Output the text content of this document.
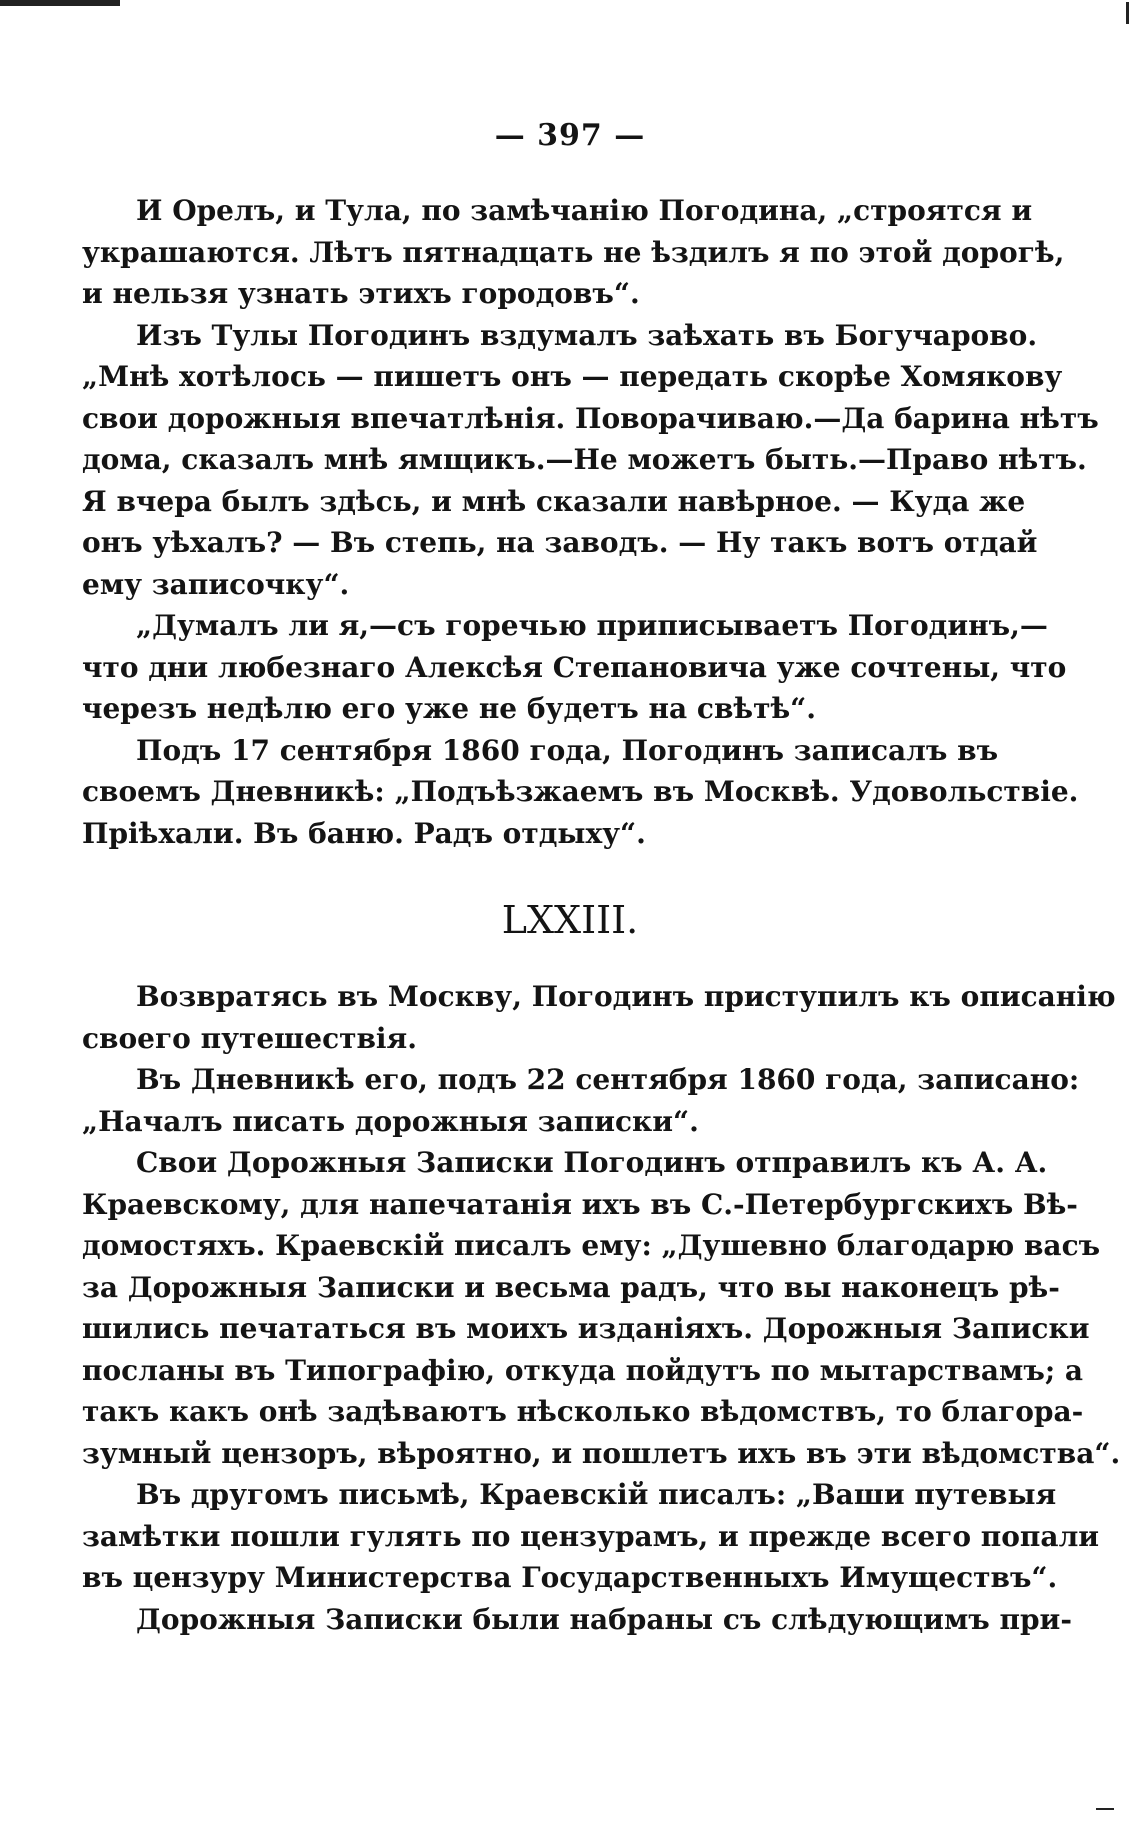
— 397 —
И Орелъ, и Тула, по замѣчанію Погодина, „строятся и
украшаются. Лѣтъ пятнадцать не ѣздилъ я по этой дорогѣ,
и нельзя узнать этихъ городовъ“.
Изъ Тулы Погодинъ вздумалъ заѣхать въ Богучарово.
„Мнѣ хотѣлось — пишетъ онъ — передать скорѣе Хомякову
свои дорожныя впечатлѣнія. Поворачиваю.—Да барина нѣтъ
дома, сказалъ мнѣ ямщикъ.—Не можетъ быть.—Право нѣтъ.
Я вчера былъ здѣсь, и мнѣ сказали навѣрное. — Куда же
онъ уѣхалъ? — Въ степь, на заводъ. — Ну такъ вотъ отдай
ему записочку“.
„Думалъ ли я,—съ горечью приписываетъ Погодинъ,—
что дни любезнаго Алексѣя Степановича уже сочтены, что
черезъ недѣлю его уже не будетъ на свѣтѣ“.
Подъ 17 сентября 1860 года, Погодинъ записалъ въ
своемъ Дневникѣ: „Подъѣзжаемъ въ Москвѣ. Удовольствіе.
Пріѣхали. Въ баню. Радъ отдыху“.
LXXIII.
Возвратясь въ Москву, Погодинъ приступилъ къ описанію
своего путешествія.
Въ Дневникѣ его, подъ 22 сентября 1860 года, записано:
„Началъ писать дорожныя записки“.
Свои Дорожныя Записки Погодинъ отправилъ къ А. А.
Краевскому, для напечатанія ихъ въ С.-Петербургскихъ Вѣ-
домостяхъ. Краевскій писалъ ему: „Душевно благодарю васъ
за Дорожныя Записки и весьма радъ, что вы наконецъ рѣ-
шились печататься въ моихъ изданіяхъ. Дорожныя Записки
посланы въ Типографію, откуда пойдутъ по мытарствамъ; а
такъ какъ онѣ задѣваютъ нѣсколько вѣдомствъ, то благора-
зумный цензоръ, вѣроятно, и пошлетъ ихъ въ эти вѣдомства“.
Въ другомъ письмѣ, Краевскій писалъ: „Ваши путевыя
замѣтки пошли гулять по цензурамъ, и прежде всего попали
въ цензуру Министерства Государственныхъ Имуществъ“.
Дорожныя Записки были набраны съ слѣдующимъ при-
